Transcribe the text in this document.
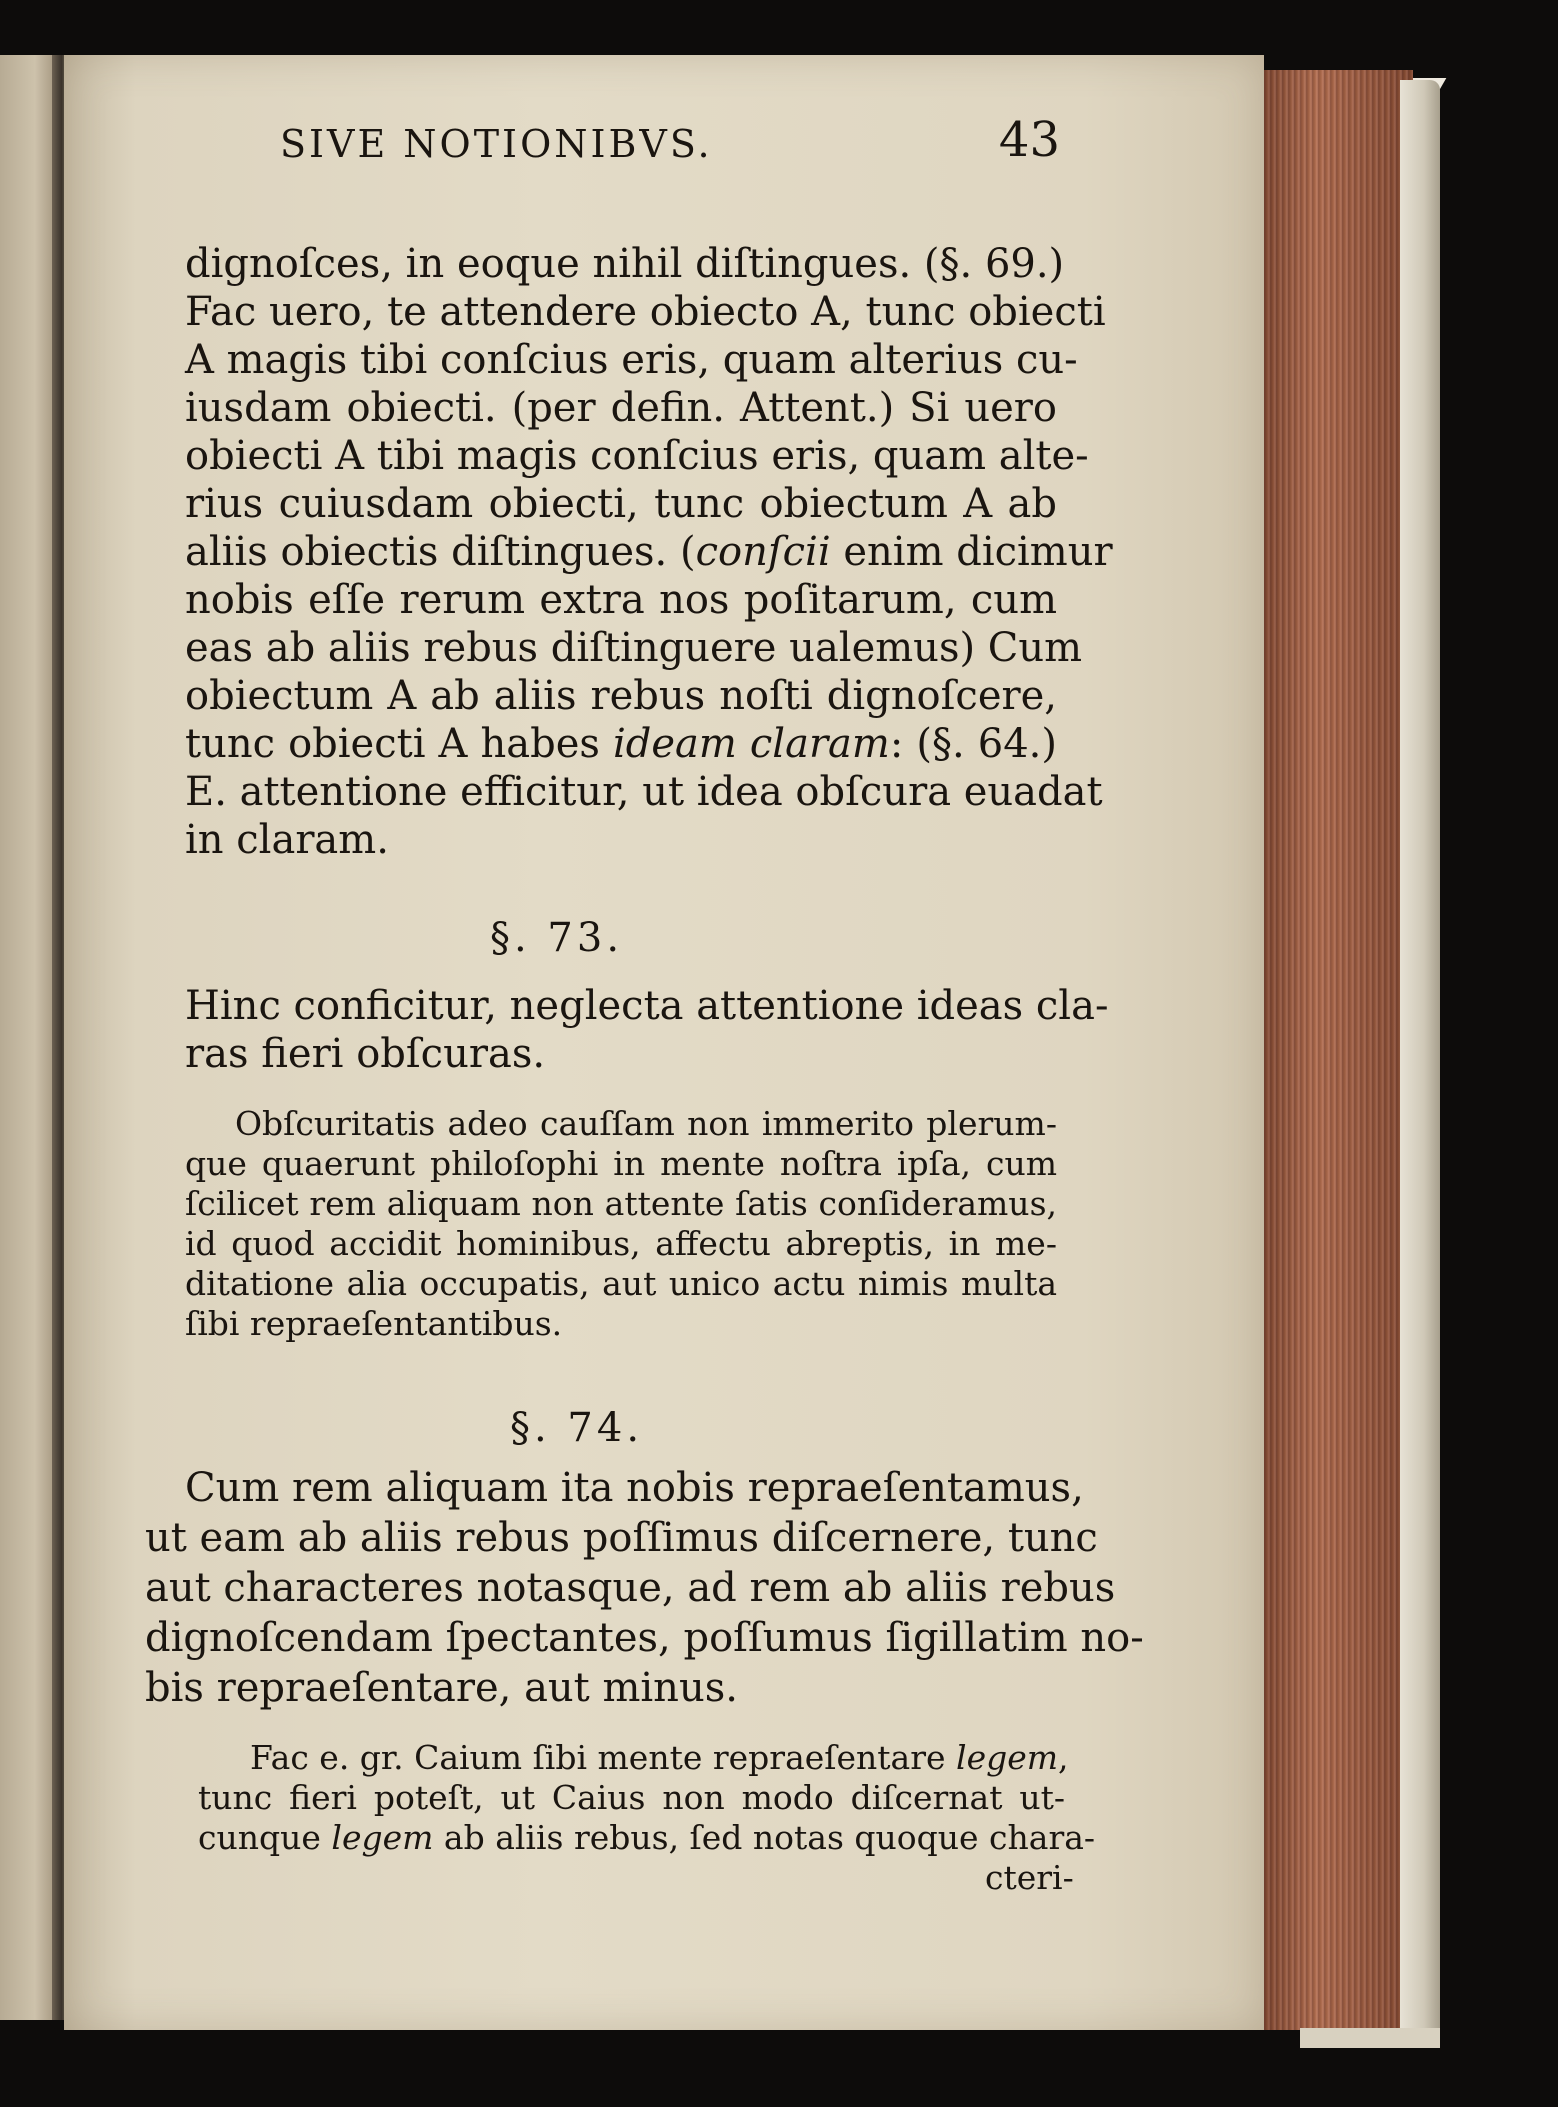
SIVE NOTIONIBVS.	43
dignoſces, in eoque nihil diſtingues. (§. 69.)
Fac uero, te attendere obiecto A, tunc obiecti
A magis tibi conſcius eris, quam alterius cu-
iusdam obiecti. (per defin. Attent.) Si uero
obiecti A tibi magis conſcius eris, quam alte-
rius cuiusdam obiecti, tunc obiectum A ab
aliis obiectis diſtingues. (conſcii enim dicimur
nobis eſſe rerum extra nos poſitarum, cum
eas ab aliis rebus diſtinguere ualemus) Cum
obiectum A ab aliis rebus noſti dignoſcere,
tunc obiecti A habes ideam claram: (§. 64.)
E. attentione efficitur, ut idea obſcura euadat
in claram.
§. 73.
Hinc conficitur, neglecta attentione ideas cla-
ras fieri obſcuras.
Obſcuritatis adeo cauſſam non immerito plerum-
que quaerunt philoſophi in mente noſtra ipſa, cum
ſcilicet rem aliquam non attente ſatis conſideramus,
id quod accidit hominibus, affectu abreptis, in me-
ditatione alia occupatis, aut unico actu nimis multa
ſibi repraeſentantibus.
§. 74.
Cum rem aliquam ita nobis repraeſentamus,
ut eam ab aliis rebus poſſimus diſcernere, tunc
aut characteres notasque, ad rem ab aliis rebus
dignoſcendam ſpectantes, poſſumus ſigillatim no-
bis repraeſentare, aut minus.
Fac e. gr. Caium ſibi mente repraeſentare legem,
tunc fieri poteſt, ut Caius non modo diſcernat ut-
cunque legem ab aliis rebus, ſed notas quoque chara-
cteri-
